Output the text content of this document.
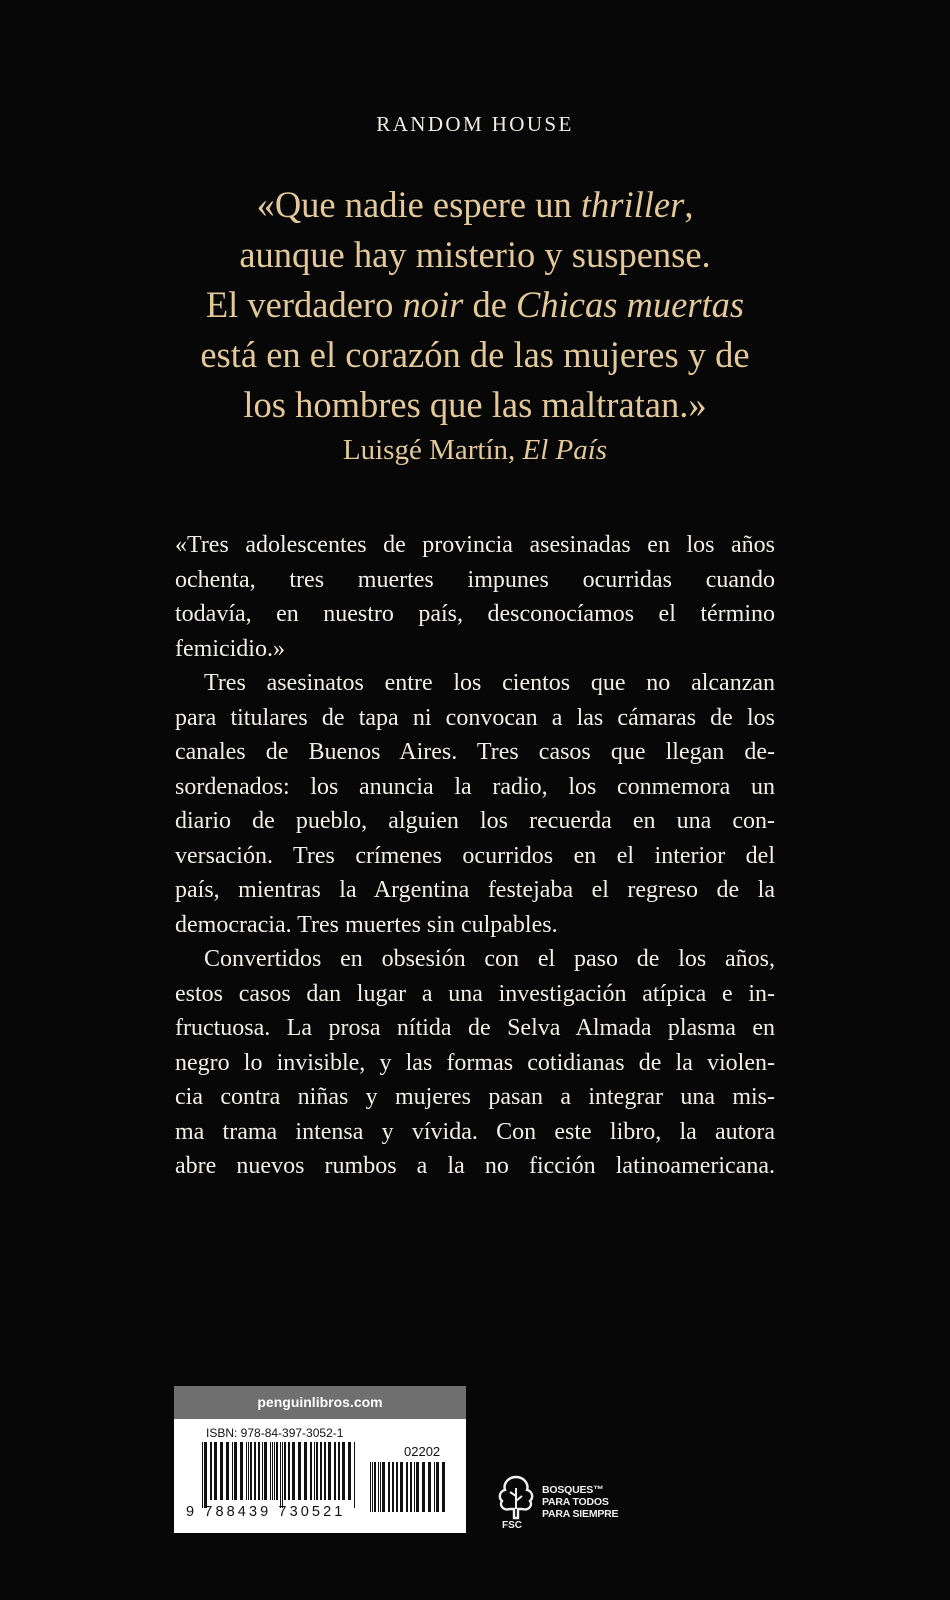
RANDOM HOUSE
«Que nadie espere un thriller,
aunque hay misterio y suspense.
El verdadero noir de Chicas muertas
está en el corazón de las mujeres y de
los hombres que las maltratan.»
Luisgé Martín, El País

«Tres adolescentes de provincia asesinadas en los años
ochenta, tres muertes impunes ocurridas cuando
todavía, en nuestro país, desconocíamos el término
femicidio.»

Tres asesinatos entre los cientos que no alcanzan
para titulares de tapa ni convocan a las cámaras de los
canales de Buenos Aires. Tres casos que llegan de-
sordenados: los anuncia la radio, los conmemora un
diario de pueblo, alguien los recuerda en una con-
versación. Tres crímenes ocurridos en el interior del
país, mientras la Argentina festejaba el regreso de la
democracia. Tres muertes sin culpables.

Convertidos en obsesión con el paso de los años,
estos casos dan lugar a una investigación atípica e in-
fructuosa. La prosa nítida de Selva Almada plasma en
negro lo invisible, y las formas cotidianas de la violen-
cia contra niñas y mujeres pasan a integrar una mis-
ma trama intensa y vívida. Con este libro, la autora
abre nuevos rumbos a la no ficción latinoamericana.

penguinlibros.com
ISBN: 978-84-397-3052-1
02202
9 788439 730521
FSC
BOSQUES™
PARA TODOS
PARA SIEMPRE
